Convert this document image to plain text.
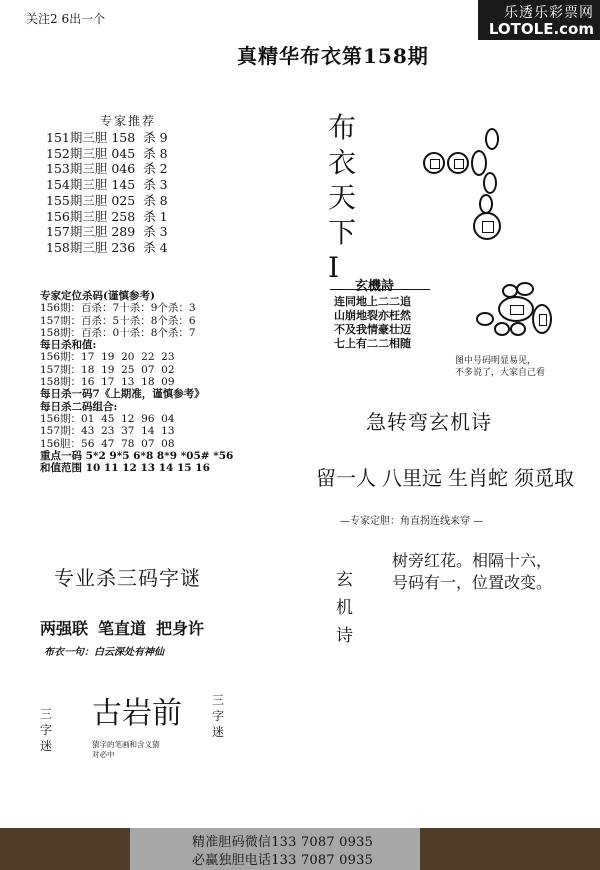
乐透乐彩票网
LOTOLE.com
关注2 6出一个
真精华布衣第158期
专家推荐
151期三胆 158  杀 9
152期三胆 045  杀 8
153期三胆 046  杀 2
154期三胆 145  杀 3
155期三胆 025  杀 8
156期三胆 258  杀 1
157期三胆 289  杀 3
158期三胆 236  杀 4
专家定位杀码(谨慎参考)
156期：百杀：7十杀：9个杀：3
157期：百杀：5十杀：8个杀：6
158期：百杀：0十杀：8个杀：7
每日杀和值:
156期：17  19  20  22  23
157期：18  19  25  07  02
158期：16  17  13  18  09
每日杀一码7《上期准，谨慎参考》
每日杀二码组合:
156期：01  45  12  96  04
157期：43  23  37  14  13
156胆：56  47  78  07  08
重点一码 5*2 9*5 6*8 8*9 *05# *56
和值范围 10 11 12 13 14 15 16
布
衣
天
下
I
玄機詩
连同地上二二追
山崩地裂亦枉然
不及我情豪壮迈
七上有二二相随
图中号码明显易见，
不多说了，大家自己看
急转弯玄机诗
留一人 八里远 生肖蛇 须觅取
—专家定胆：角直拐连线来穿 —
玄
机
诗
树旁红花。相隔十六，
号码有一，位置改变。
专业杀三码字谜
两强联 笔直道 把身许
布衣一句：白云深处有神仙
三
字
迷
古岩前	三
字
迷
猜字的笔画和含义猜
对必中
精准胆码微信133 7087 0935
必赢独胆电话133 7087 0935
